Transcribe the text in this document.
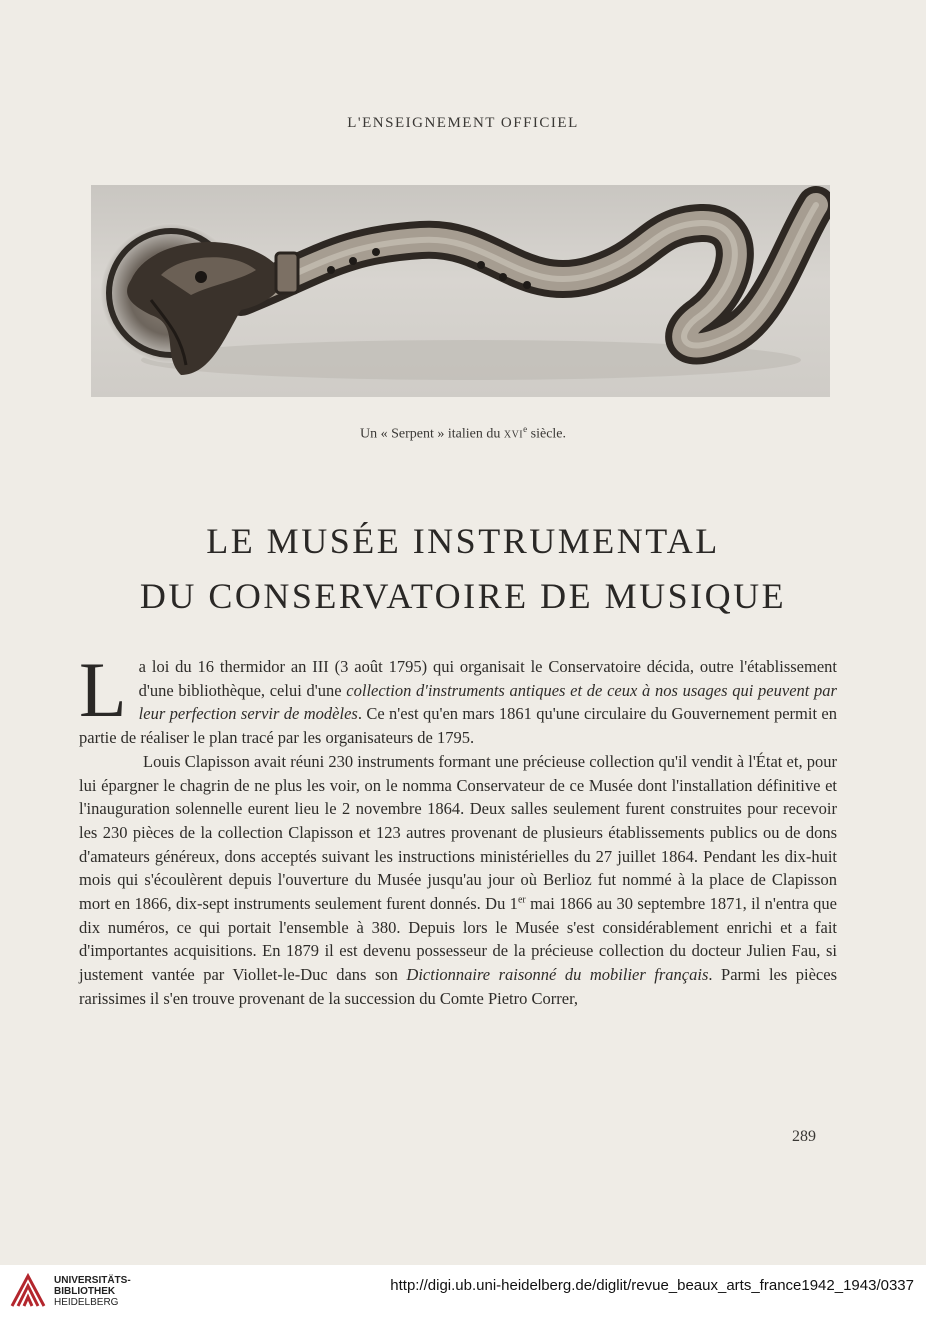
L'ENSEIGNEMENT OFFICIEL
Un « Serpent » italien du xvi$^e$ siècle.
LE MUSÉE INSTRUMENTAL
DU CONSERVATOIRE DE MUSIQUE

La loi du 16 thermidor an III (3 août 1795) qui organisait le Conservatoire décida, outre l'établissement d'une bibliothèque, celui d'une collection d'instruments antiques et de ceux à nos usages qui peuvent par leur perfection servir de modèles. Ce n'est qu'en mars 1861 qu'une circulaire du Gouvernement permit en partie de réaliser le plan tracé par les organisateurs de 1795.

Louis Clapisson avait réuni 230 instruments formant une précieuse collection qu'il vendit à l'État et, pour lui épargner le chagrin de ne plus les voir, on le nomma Conservateur de ce Musée dont l'installation définitive et l'inauguration solennelle eurent lieu le 2 novembre 1864. Deux salles seulement furent construites pour recevoir les 230 pièces de la collection Clapisson et 123 autres provenant de plusieurs établissements publics ou de dons d'amateurs généreux, dons acceptés suivant les instructions ministérielles du 27 juillet 1864. Pendant les dix-huit mois qui s'écoulèrent depuis l'ouverture du Musée jusqu'au jour où Berlioz fut nommé à la place de Clapisson mort en 1866, dix-sept instruments seulement furent donnés. Du 1er mai 1866 au 30 septembre 1871, il n'entra que dix numéros, ce qui portait l'ensemble à 380. Depuis lors le Musée s'est considérablement enrichi et a fait d'importantes acquisitions. En 1879 il est devenu possesseur de la précieuse collection du docteur Julien Fau, si justement vantée par Viollet-le-Duc dans son Dictionnaire raisonné du mobilier français. Parmi les pièces rarissimes il s'en trouve provenant de la succession du Comte Pietro Correr,

289
UNIVERSITÄTS-
BIBLIOTHEK
HEIDELBERG
http://digi.ub.uni-heidelberg.de/diglit/revue_beaux_arts_france1942_1943/0337
